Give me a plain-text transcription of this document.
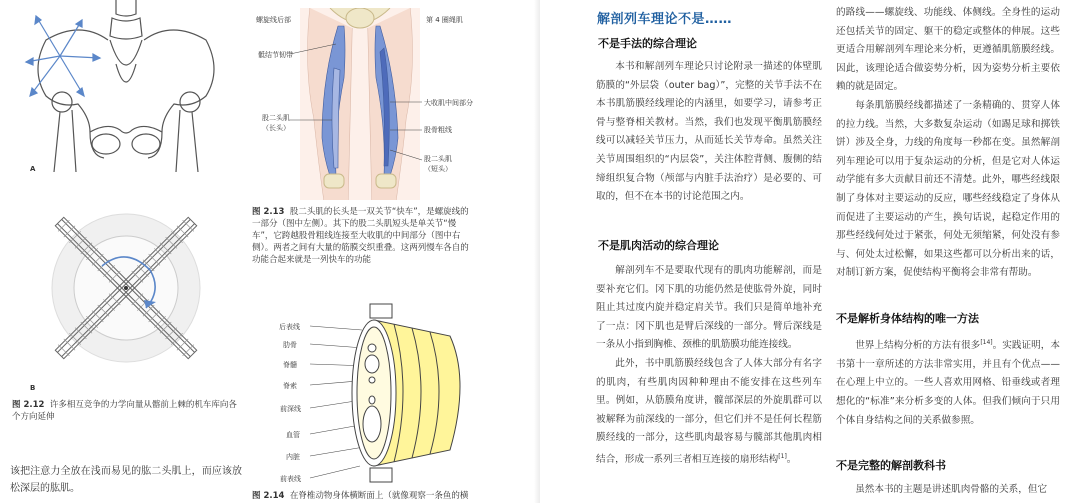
A
B
图 2.12 许多相互竞争的力学向量从髂前上棘的机车库向各个方向延伸
该把注意力全放在浅而易见的肱二头肌上，而应该放松深层的肱肌。
螺旋线后部	第 4 圈绳肌
骶结节韧带
股二头肌
（长头）
大收肌中间部分
股骨粗线
股二头肌
（短头）
图 2.13 股二头肌的长头是一双关节“快车”，是螺旋线的一部分（图中左侧）。其下的股二头肌短头是单关节“慢车”，它跨越股骨粗线连接至大收肌的中间部分（图中右侧）。两者之间有大量的筋膜交织重叠。这两列慢车各自的功能合起来就是一列快车的功能
后表线
肋骨
脊髓
脊索
前深线
血管
内脏
前表线
图 2.14 在脊椎动物身体横断面上（就像观察一条鱼的横
解剖列车理论不是……
不是手法的综合理论

本书和解剖列车理论只讨论附录一描述的体壁肌筋膜的“外层袋（outer bag）”，完整的关节手法不在本书肌筋膜经线理论的内涵里，如要学习，请参考正骨与整脊相关教材。当然，我们也发现平衡肌筋膜经线可以减轻关节压力，从而延长关节寿命。虽然关注关节周围组织的“内层袋”，关注体腔背侧、腹侧的结缔组织复合物（颅部与内脏手法治疗）是必要的、可取的，但不在本书的讨论范围之内。

不是肌肉活动的综合理论

解剖列车不是要取代现有的肌肉功能解剖，而是要补充它们。冈下肌的功能仍然是使肱骨外旋，同时阻止其过度内旋并稳定肩关节。我们只是简单地补充了一点：冈下肌也是臂后深线的一部分。臂后深线是一条从小指到胸椎、颈椎的肌筋膜功能连接线。

此外，书中肌筋膜经线包含了人体大部分有名字的肌肉，有些肌肉因种种理由不能安排在这些列车里。例如，从筋膜角度讲，髋部深层的外旋肌群可以被解释为前深线的一部分，但它们并不是任何长程筋膜经线的一部分，这些肌肉最容易与髋部其他肌肉相结合，形成一系列三者相互连接的扇形结构[1]。

的路线——螺旋线、功能线、体侧线。全身性的运动还包括关节的固定、躯干的稳定或整体的伸展。这些更适合用解剖列车理论来分析，更遵循肌筋膜经线。因此，该理论适合做姿势分析，因为姿势分析主要依赖的就是固定。

每条肌筋膜经线都描述了一条精确的、贯穿人体的拉力线。当然，大多数复杂运动（如踢足球和掷铁饼）涉及全身，力线的角度每一秒都在变。虽然解剖列车理论可以用于复杂运动的分析，但是它对人体运动学能有多大贡献目前还不清楚。此外，哪些经线限制了身体对主要运动的反应，哪些经线稳定了身体从而促进了主要运动的产生，换句话说，起稳定作用的那些经线何处过于紧张，何处无须缩紧，何处没有参与、何处太过松懈，如果这些都可以分析出来的话，对制订新方案，促使结构平衡将会非常有帮助。

不是解析身体结构的唯一方法

世界上结构分析的方法有很多[14]。实践证明，本书第十一章所述的方法非常实用，并且有个优点——在心理上中立的。一些人喜欢用网格、铅垂线或者理想化的“标准”来分析多变的人体。但我们倾向于只用个体自身结构之间的关系做参照。

不是完整的解剖教科书

虽然本书的主题是讲述肌肉骨骼的关系，但它
